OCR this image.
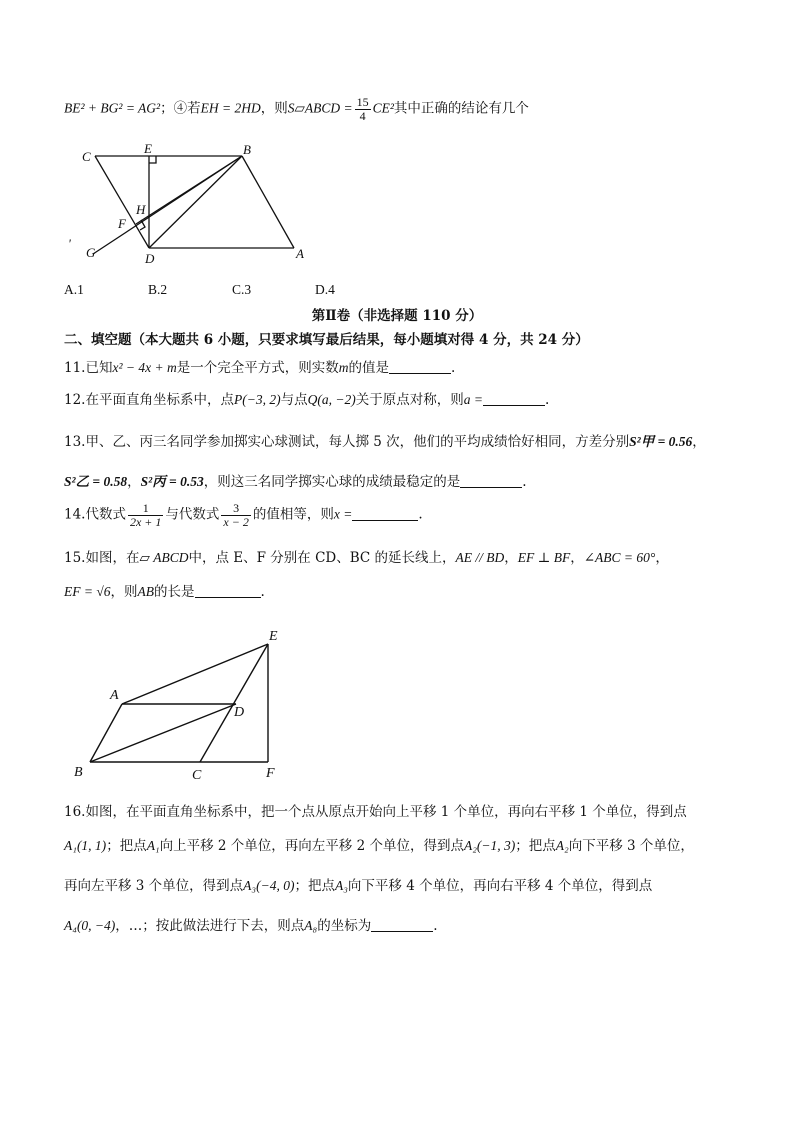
BE² + BG² = AG²；④若EH = 2HD，则S▱ABCD = $\frac{15}{4} CE^2$其中正确的结论有几个
C
E	B
H
F
G	D	A
'
A.1	B.2	C.3	D.4
第Ⅱ卷（非选择题 110 分）
二、填空题（本大题共 6 小题，只要求填写最后结果，每小题填对得 4 分，共 24 分）
11.已知x² − 4x + m是一个完全平方式，则实数m的值是	.
12.在平面直角坐标系中，点P(−3, 2)与点Q(a, −2)关于原点对称，则a =	.
13.甲、乙、丙三名同学参加掷实心球测试，每人掷 5 次，他们的平均成绩恰好相同，方差分别S²甲 = 0.56，
S²乙 = 0.58，S²丙 = 0.53，则这三名同学掷实心球的成绩最稳定的是	.
14.代数式 $\frac{1}{2x + 1}$ 与代数式 $\frac{3}{x - 2}$ 的值相等，则x =	.
15.如图，在▱ ABCD中，点 E、F 分别在 CD、BC 的延长线上，AE // BD，EF ⊥ BF，∠ABC = 60°，
EF = √6，则AB的长是	.
E
A
D
B	C	F
16.如图，在平面直角坐标系中，把一个点从原点开始向上平移 1 个单位，再向右平移 1 个单位，得到点
A₁(1, 1)；把点A₁向上平移 2 个单位，再向左平移 2 个单位，得到点A₂(−1, 3)；把点A₂向下平移 3 个单位，
再向左平移 3 个单位，得到点A₃(−4, 0)；把点A₃向下平移 4 个单位，再向右平移 4 个单位，得到点
A₄(0, −4)，…；按此做法进行下去，则点A₈的坐标为	.
